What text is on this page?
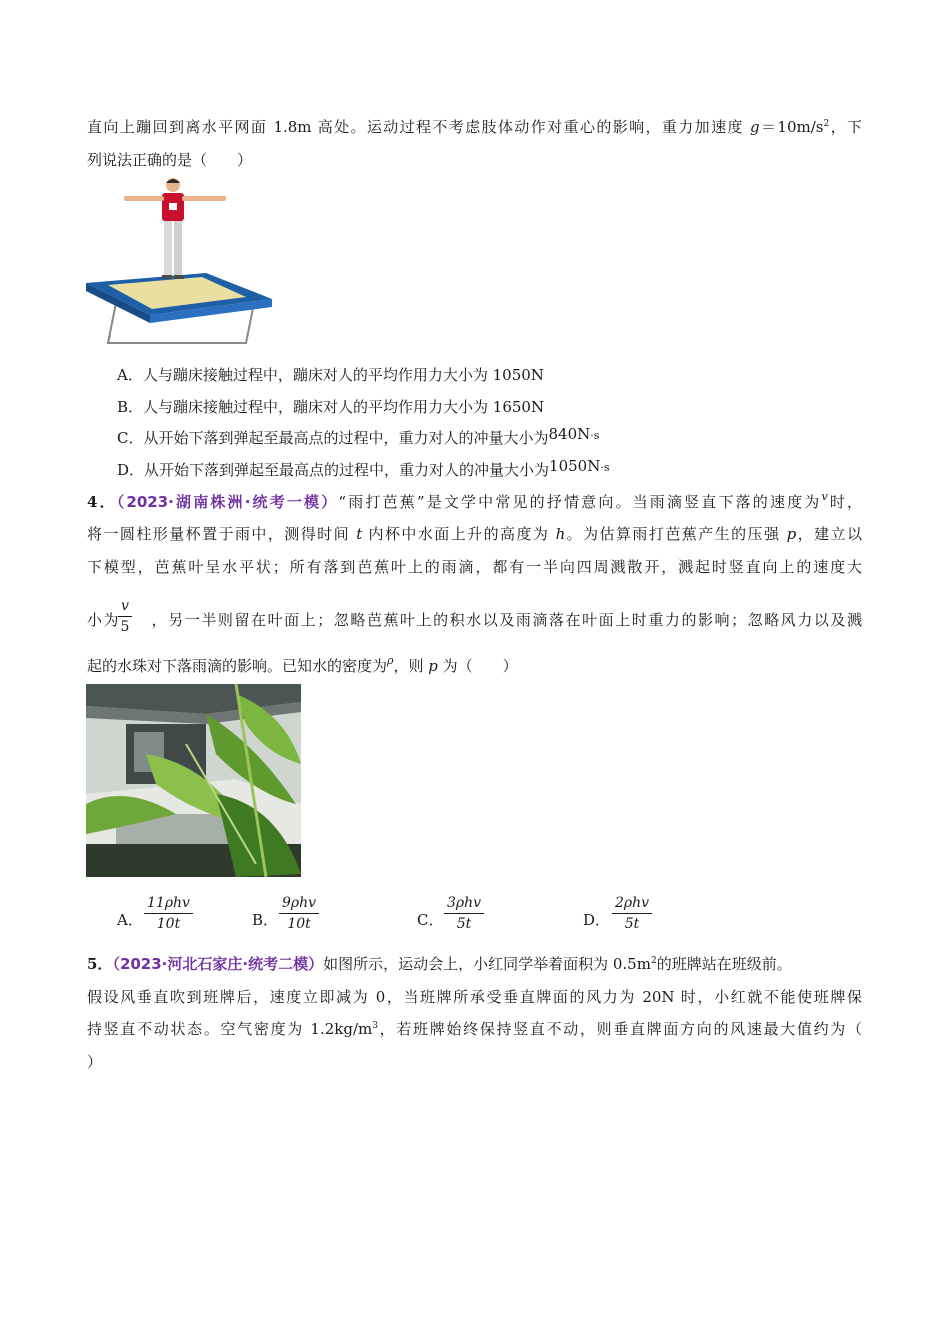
直向上蹦回到离水平网面 1.8m 高处。运动过程不考虑肢体动作对重心的影响，重力加速度 $g=10m/s^2$，下
列说法正确的是（　　）
A．人与蹦床接触过程中，蹦床对人的平均作用力大小为 1050N
B．人与蹦床接触过程中，蹦床对人的平均作用力大小为 1650N
C．从开始下落到弹起至最高点的过程中，重力对人的冲量大小为840N·s
D．从开始下落到弹起至最高点的过程中，重力对人的冲量大小为1050N·s
4．（2023·湖南株洲·统考一模）“雨打芭蕉”是文学中常见的抒情意向。当雨滴竖直下落的速度为$^v$时，
将一圆柱形量杯置于雨中，测得时间 t 内杯中水面上升的高度为 h。为估算雨打芭蕉产生的压强 p，建立以
下模型，芭蕉叶呈水平状；所有落到芭蕉叶上的雨滴，都有一半向四周溅散开，溅起时竖直向上的速度大
小为 ，另一半则留在叶面上；忽略芭蕉叶上的积水以及雨滴落在叶面上时重力的影响；忽略风力以及溅
$\frac{v}{5}$
起的水珠对下落雨滴的影响。已知水的密度为$^\rho$，则 p 为（　　）
A．
11ρhv
10t	B．
9ρhv
10t	C．
3ρhv
5t	D．
2ρhv
5t
5．（2023·河北石家庄·统考二模）如图所示，运动会上，小红同学举着面积为 $0.5m^2$的班牌站在班级前。
假设风垂直吹到班牌后，速度立即减为 0，当班牌所承受垂直牌面的风力为 20N 时，小红就不能使班牌保
持竖直不动状态。空气密度为 $1.2kg/m^3$，若班牌始终保持竖直不动，则垂直牌面方向的风速最大值约为（
）
